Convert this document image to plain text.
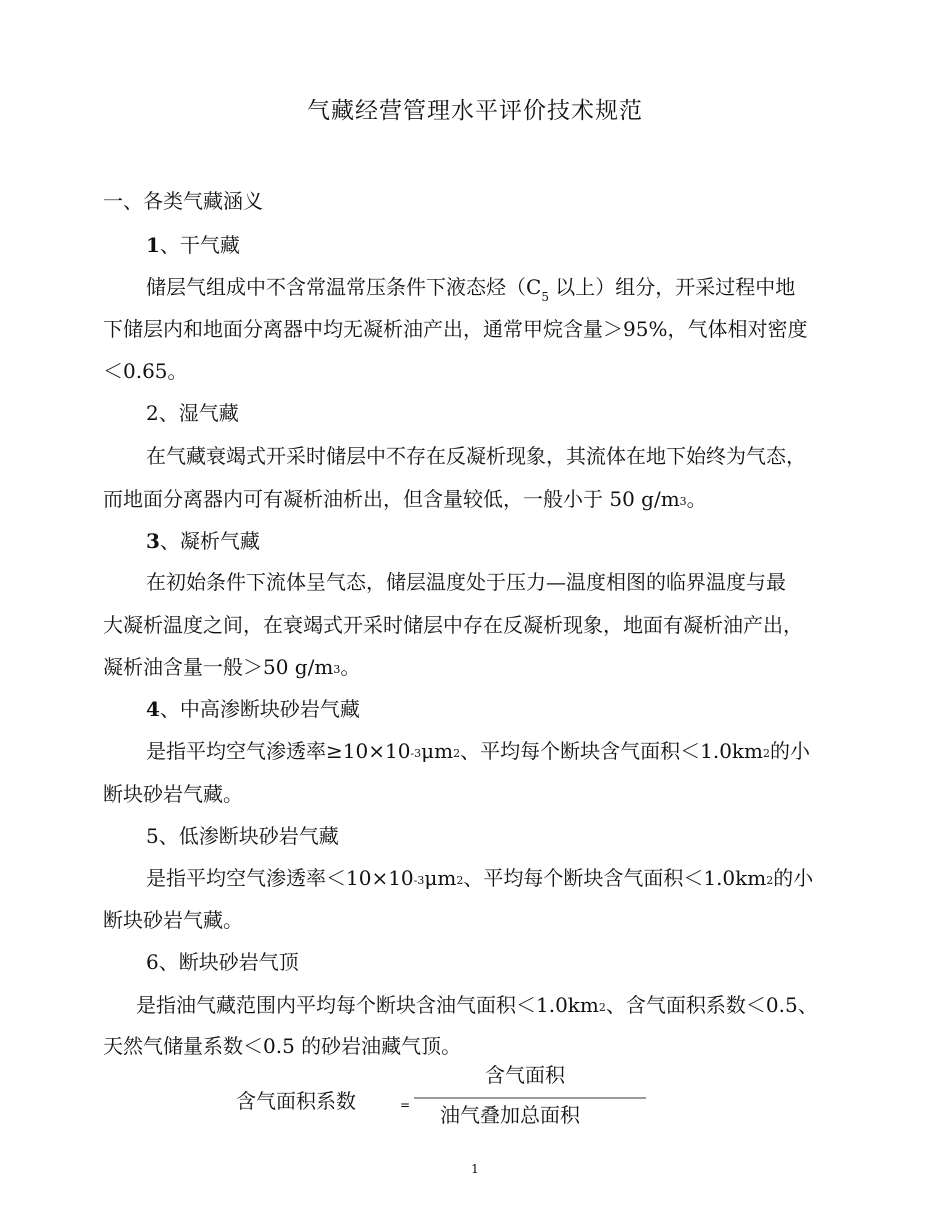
气藏经营管理水平评价技术规范
一、各类气藏涵义
1、干气藏
储层气组成中不含常温常压条件下液态烃（$C_5$ 以上）组分，开采过程中地
下储层内和地面分离器中均无凝析油产出，通常甲烷含量＞95%，气体相对密度
＜0.65。
2、湿气藏
在气藏衰竭式开采时储层中不存在反凝析现象，其流体在地下始终为气态，
而地面分离器内可有凝析油析出，但含量较低，一般小于 50 g/m3。
3、凝析气藏
在初始条件下流体呈气态，储层温度处于压力—温度相图的临界温度与最
大凝析温度之间，在衰竭式开采时储层中存在反凝析现象，地面有凝析油产出，
凝析油含量一般＞50 g/m3。
4、中高渗断块砂岩气藏
是指平均空气渗透率≥10×10-3μm2、平均每个断块含气面积＜1.0km2的小
断块砂岩气藏。
5、低渗断块砂岩气藏
是指平均空气渗透率＜10×10-3μm2、平均每个断块含气面积＜1.0km2的小
断块砂岩气藏。
6、断块砂岩气顶
是指油气藏范围内平均每个断块含油气面积＜1.0km2、含气面积系数＜0.5、
天然气储量系数＜0.5 的砂岩油藏气顶。
含气面积系数	=
含气面积
油气叠加总面积
1
